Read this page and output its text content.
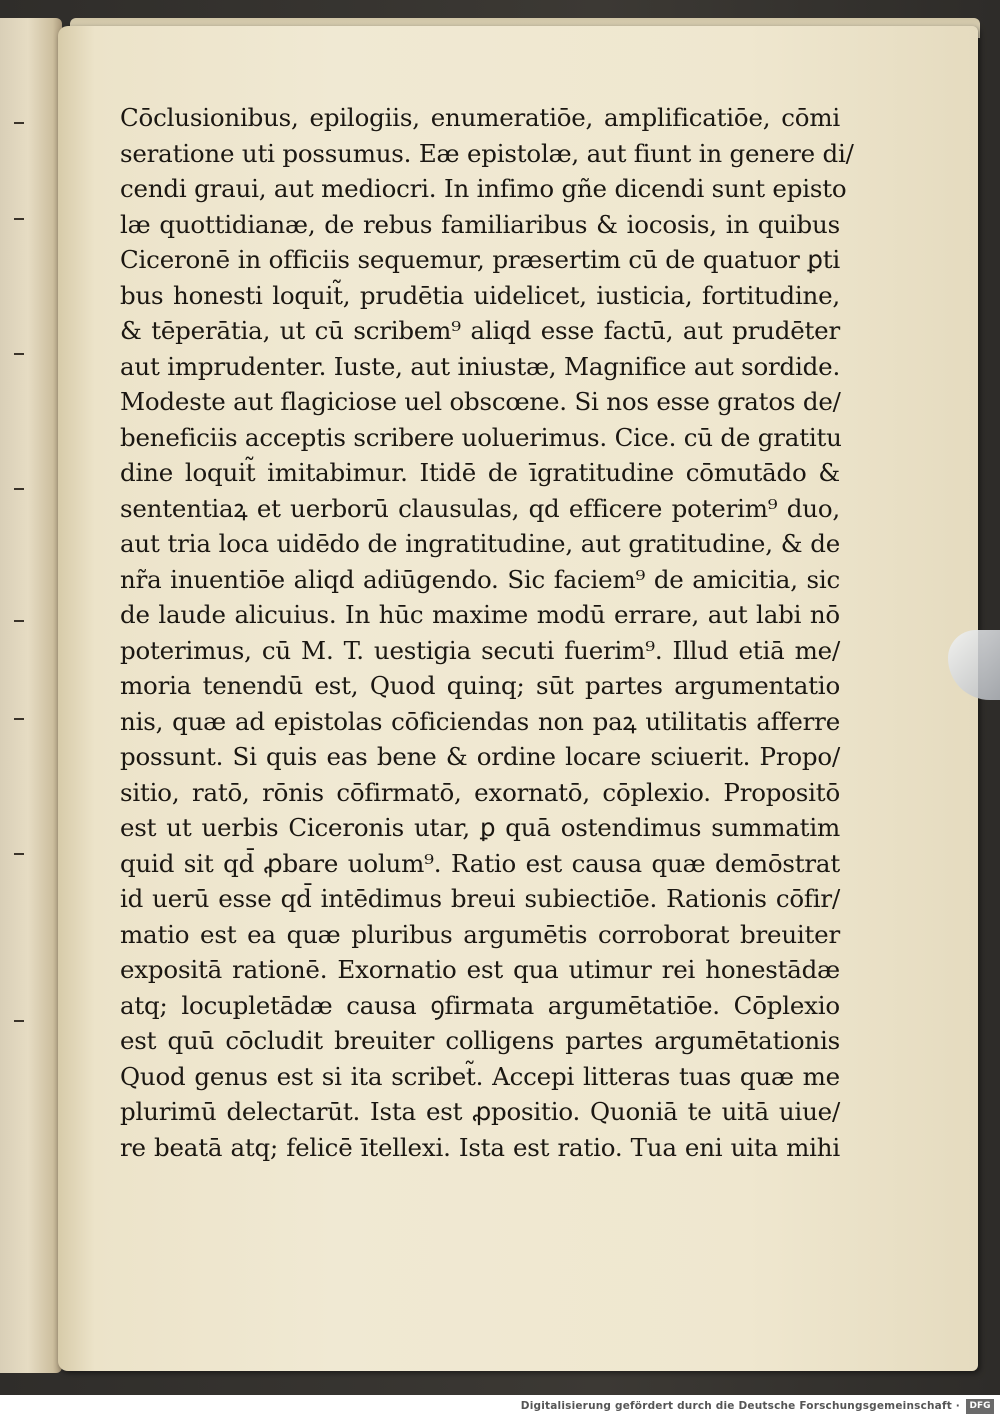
Cōclusionibus, epilogiis, enumeratiōe, amplificatiōe, cōmi
seratione uti possumus. Eæ epistolæ, aut fiunt in genere di/
cendi graui, aut mediocri. In infimo gñe dicendi sunt episto
læ quottidianæ, de rebus familiaribus & iocosis, in quibus
Ciceronē in officiis sequemur, præsertim cū de quatuor ꝑti
bus honesti loquit̃, prudētia uidelicet, iusticia, fortitudine,
& tēperātia, ut cū scribem⁹ aliqd esse factū, aut prudēter
aut imprudenter. Iuste, aut iniustæ, Magnifice aut sordide.
Modeste aut flagiciose uel obscœne. Si nos esse gratos de/
beneficiis acceptis scribere uoluerimus. Cice. cū de gratitu
dine loquit̃ imitabimur. Itidē de īgratitudine cōmutādo &
sententiaꝝ et uerborū clausulas, qd efficere poterim⁹ duo,
aut tria loca uidēdo de ingratitudine, aut gratitudine, & de
nr̃a inuentiōe aliqd adiūgendo. Sic faciem⁹ de amicitia, sic
de laude alicuius. In hūc maxime modū errare, aut labi nō
poterimus, cū M. T. uestigia secuti fuerim⁹. Illud etiā me/
moria tenendū est, Quod quinq; sūt partes argumentatio
nis, quæ ad epistolas cōficiendas non paꝝ utilitatis afferre
possunt. Si quis eas bene & ordine locare sciuerit. Propo/
sitio, ratō, rōnis cōfirmatō, exornatō, cōplexio. Propositō
est ut uerbis Ciceronis utar, ꝑ quā ostendimus summatim
quid sit qd̄ ꝓbare uolum⁹. Ratio est causa quæ demōstrat
id uerū esse qd̄ intēdimus breui subiectiōe. Rationis cōfir/
matio est ea quæ pluribus argumētis corroborat breuiter
expositā rationē. Exornatio est qua utimur rei honestādæ
atq; locupletādæ causa ꝯfirmata argumētatiōe. Cōplexio
est quū cōcludit breuiter colligens partes argumētationis
Quod genus est si ita scribet̃. Accepi litteras tuas quæ me
plurimū delectarūt. Ista est ꝓpositio. Quoniā te uitā uiue/
re beatā atq; felicē ītellexi. Ista est ratio. Tua eni uita mihi
Digitalisierung gefördert durch die Deutsche Forschungsgemeinschaft ·	DFG
